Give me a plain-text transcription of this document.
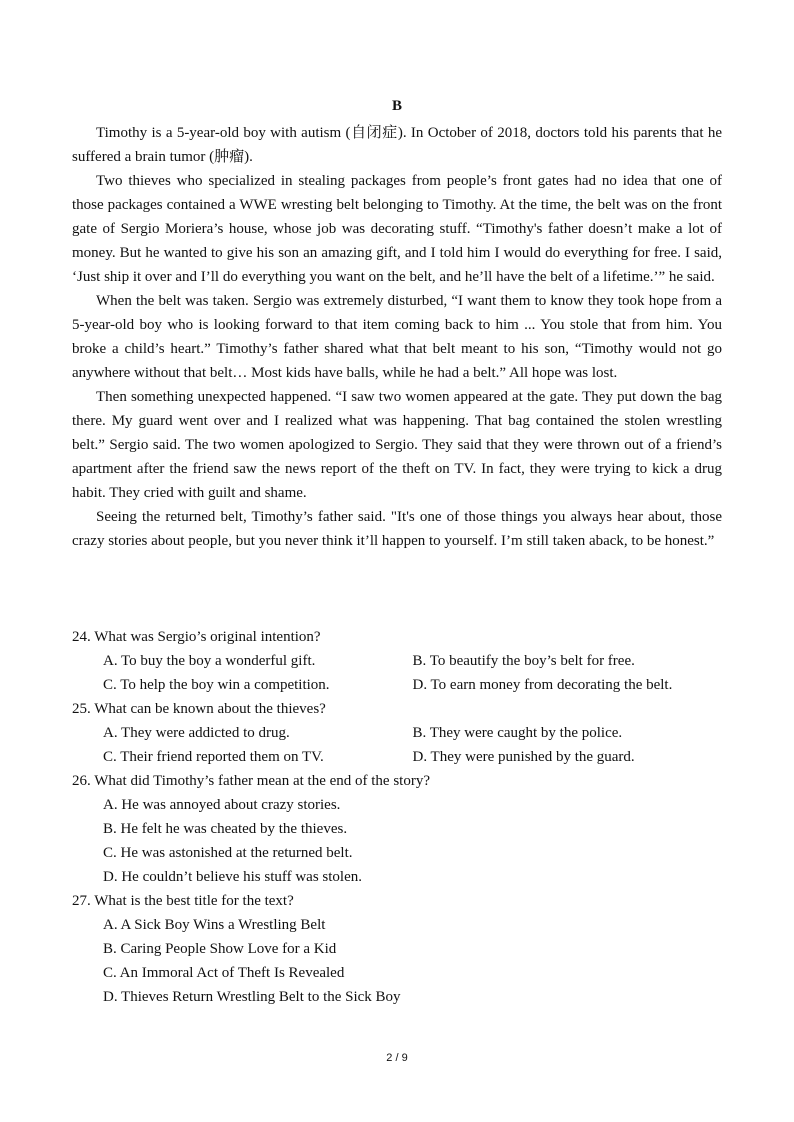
B

Timothy is a 5-year-old boy with autism (自闭症). In October of 2018, doctors told his parents that he suffered a brain tumor (肿瘤).

Two thieves who specialized in stealing packages from people’s front gates had no idea that one of those packages contained a WWE wresting belt belonging to Timothy. At the time, the belt was on the front gate of Sergio Moriera’s house, whose job was decorating stuff. “Timothy's father doesn’t make a lot of money. But he wanted to give his son an amazing gift, and I told him I would do everything for free. I said, ‘Just ship it over and I’ll do everything you want on the belt, and he’ll have the belt of a lifetime.’” he said.

When the belt was taken. Sergio was extremely disturbed, “I want them to know they took hope from a 5-year-old boy who is looking forward to that item coming back to him ... You stole that from him. You broke a child’s heart.” Timothy’s father shared what that belt meant to his son, “Timothy would not go anywhere without that belt… Most kids have balls, while he had a belt.” All hope was lost.

Then something unexpected happened. “I saw two women appeared at the gate. They put down the bag there. My guard went over and I realized what was happening. That bag contained the stolen wrestling belt.” Sergio said. The two women apologized to Sergio. They said that they were thrown out of a friend’s apartment after the friend saw the news report of the theft on TV. In fact, they were trying to kick a drug habit. They cried with guilt and shame.

Seeing the returned belt, Timothy’s father said. "It's one of those things you always hear about, those crazy stories about people, but you never think it’ll happen to yourself. I’m still taken aback, to be honest.”

24. What was Sergio’s original intention?

A. To buy the boy a wonderful gift.	B. To beautify the boy’s belt for free.
C. To help the boy win a competition.	D. To earn money from decorating the belt.

25. What can be known about the thieves?

A. They were addicted to drug.	B. They were caught by the police.
C. Their friend reported them on TV.	D. They were punished by the guard.

26. What did Timothy’s father mean at the end of the story?

A. He was annoyed about crazy stories.
B. He felt he was cheated by the thieves.
C. He was astonished at the returned belt.
D. He couldn’t believe his stuff was stolen.

27. What is the best title for the text?

A. A Sick Boy Wins a Wrestling Belt
B. Caring People Show Love for a Kid
C. An Immoral Act of Theft Is Revealed
D. Thieves Return Wrestling Belt to the Sick Boy
2 / 9
